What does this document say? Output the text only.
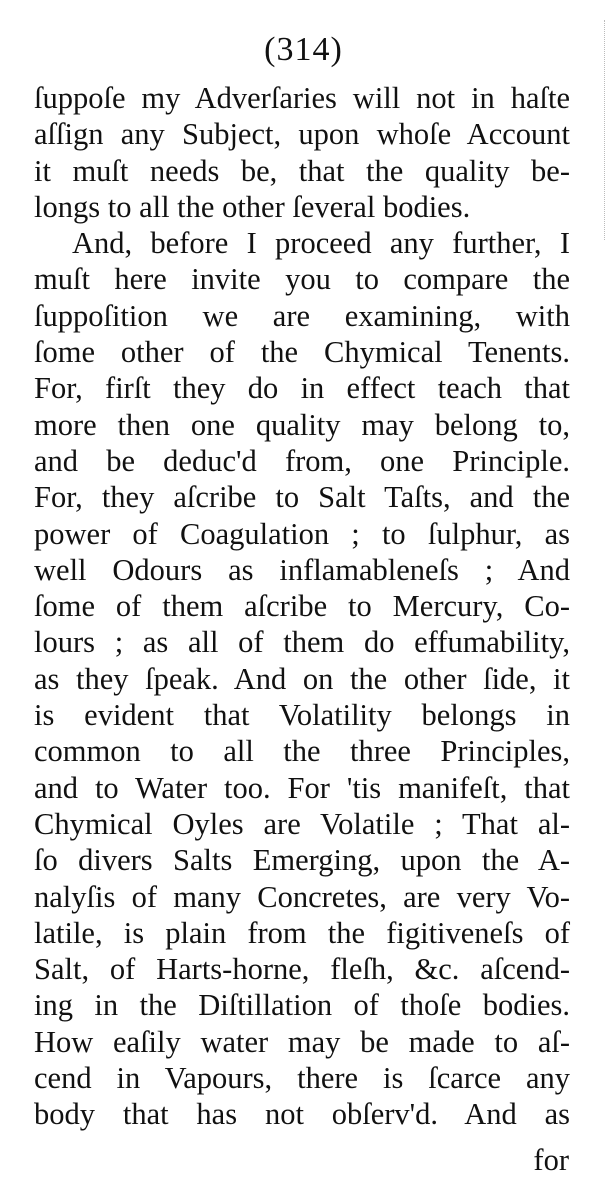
(314)
ſuppoſe my Adverſaries will not in haſte
aſſign any Subject, upon whoſe Account
it muſt needs be, that the quality be-
longs to all the other ſeveral bodies.
And, before I proceed any further, I
muſt here invite you to compare the
ſuppoſition we are examining, with
ſome other of the Chymical Tenents.
For, firſt they do in effect teach that
more then one quality may belong to,
and be deduc'd from, one Principle.
For, they aſcribe to Salt Taſts, and the
power of Coagulation ; to ſulphur, as
well Odours as inflamableneſs ; And
ſome of them aſcribe to Mercury, Co-
lours ; as all of them do effumability,
as they ſpeak. And on the other ſide, it
is evident that Volatility belongs in
common to all the three Principles,
and to Water too. For 'tis manifeſt, that
Chymical Oyles are Volatile ; That al-
ſo divers Salts Emerging, upon the A-
nalyſis of many Concretes, are very Vo-
latile, is plain from the figitiveneſs of
Salt, of Harts-horne, fleſh, &c. aſcend-
ing in the Diſtillation of thoſe bodies.
How eaſily water may be made to aſ-
cend in Vapours, there is ſcarce any
body that has not obſerv'd. And as
for
